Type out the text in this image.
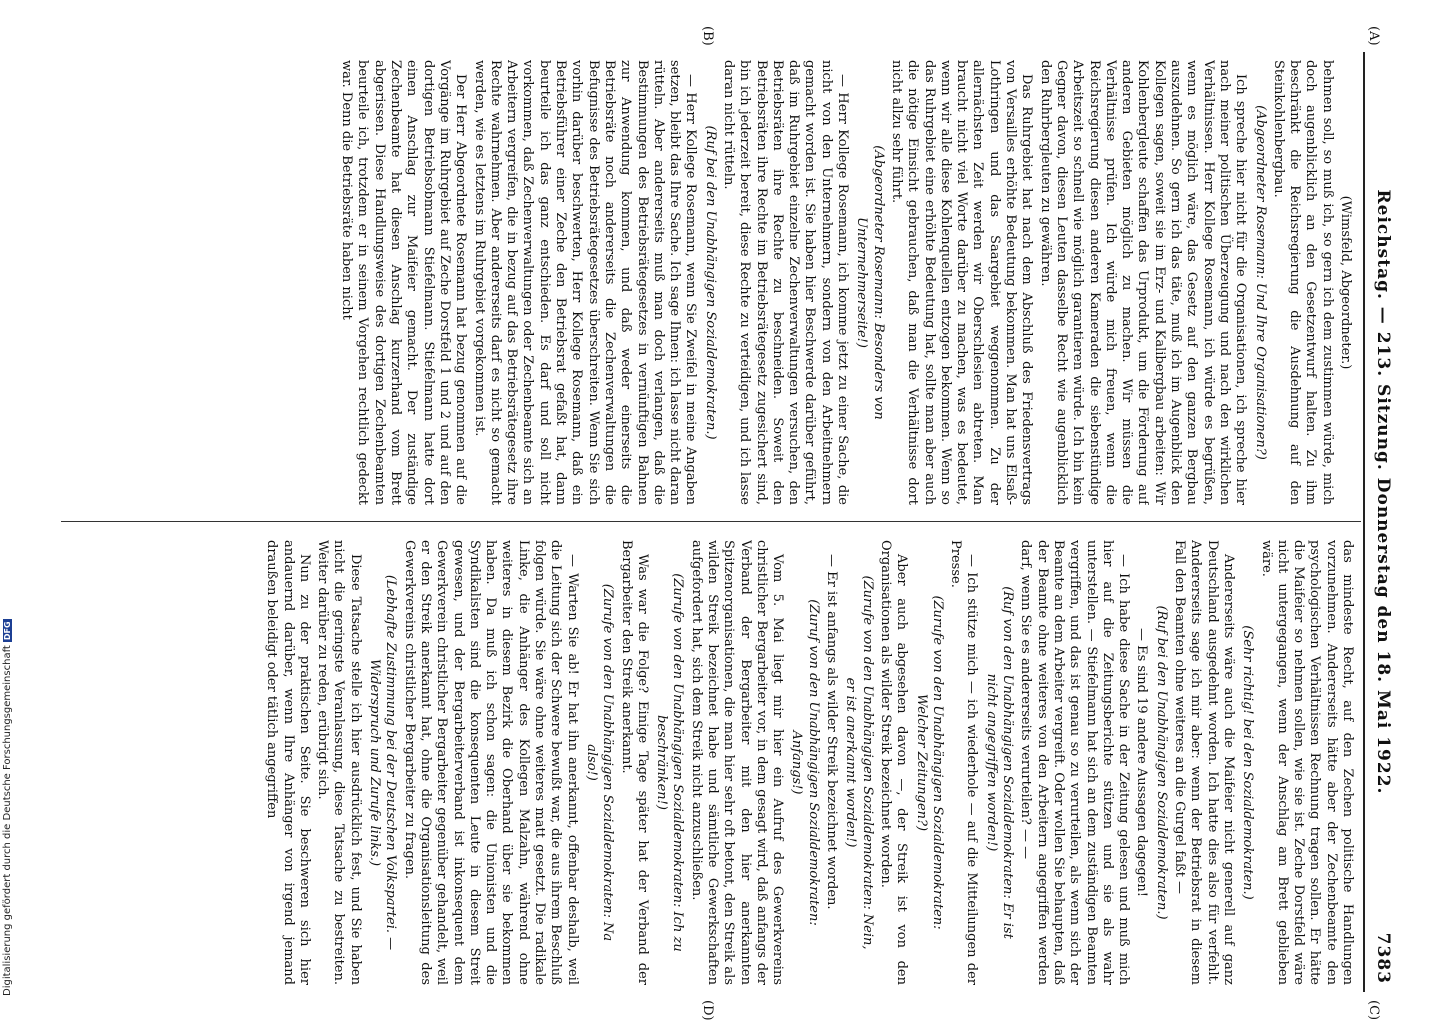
Digitalisierung gefördert durch die Deutsche ForschungsgemeinschaftDFG	Reichstag. — 213. Sitzung. Donnerstag den 18. Mai 1922.
7383
(A)
(B)
(C)
(D)

(Wimsfeld, Abgeordneter.)

behmen soll, so muß ich, so gern ich dem zustimmen würde, mich doch augenblicklich an den Gesetzentwurf halten. Zu ihm beschränkt die Reichsregierung die Ausdehnung auf den Steinkohlenbergbau.

(Abgeordneter Rosemann: Und Ihre Organisationen?)

Ich spreche hier nicht für die Organisationen, ich spreche hier nach meiner politischen Überzeugung und nach den wirklichen Verhältnissen. Herr Kollege Rosemann, ich würde es begrüßen, wenn es möglich wäre, das Gesetz auf den ganzen Bergbau auszudehnen. So gern ich das täte, muß ich im Augenblick den Kollegen sagen, soweit sie im Erz- und Kalibergbau arbeiten: Wir Kohlenbergleute schaffen das Urprodukt, um die Förderung auf anderen Gebieten möglich zu machen. Wir müssen die Verhältnisse prüfen. Ich würde mich freuen, wenn die Reichsregierung diesen anderen Kameraden die siebenstündige Arbeitszeit so schnell wie möglich garantieren würde. Ich bin kein Gegner davon, diesen Leuten dasselbe Recht wie augenblicklich den Ruhrbergleuten zu gewähren.

Das Ruhrgebiet hat nach dem Abschluß des Friedensvertrags von Versailles erhöhte Bedeutung bekommen. Man hat uns Elsaß-Lothringen und das Saargebiet weggenommen. Zu der allernächsten Zeit werden wir Oberschlesien abtreten. Man braucht nicht viel Worte darüber zu machen, was es bedeutet, wenn wir alle diese Kohlenquellen entzogen bekommen. Wenn so das Ruhrgebiet eine erhöhte Bedeutung hat, sollte man aber auch die nötige Einsicht gebrauchen, daß man die Verhältnisse dort nicht allzu sehr führt.

(Abgeordneter Rosemann: Besonders von Unternehmerseite!)

— Herr Kollege Rosemann, ich komme jetzt zu einer Sache, die nicht von den Unternehmern, sondern von den Arbeitnehmern gemacht worden ist. Sie haben hier Beschwerde darüber geführt, daß im Ruhrgebiet einzelne Zechenverwaltungen versuchen, den Betriebsräten ihre Rechte zu beschneiden. Soweit den Betriebsräten ihre Rechte im Betriebsrätegesetz zugesichert sind, bin ich jederzeit bereit, diese Rechte zu verteidigen, und ich lasse daran nicht rütteln.

(Ruf bei den Unabhängigen Sozialdemokraten.)

— Herr Kollege Rosemann, wenn Sie Zweifel in meine Angaben setzen, bleibt das Ihre Sache. Ich sage Ihnen: ich lasse nicht daran rütteln. Aber andererseits muß man doch verlangen, daß die Bestimmungen des Betriebsrätegesetzes in vernünftigen Bahnen zur Anwendung kommen, und daß weder einerseits die Betriebsräte noch andererseits die Zechenverwaltungen die Befugnisse des Betriebsrätegesetzes überschreiten. Wenn Sie sich vorhin darüber beschwerten, Herr Kollege Rosemann, daß ein Betriebsführer einer Zeche den Betriebsrat gefaßt hat, dann beurteile ich das ganz entschieden. Es darf und soll nicht vorkommen, daß Zechenverwaltungen oder Zechenbeamte sich an Arbeitern vergreifen, die in bezug auf das Betriebsrätegesetz ihre Rechte wahrnehmen. Aber andererseits darf es nicht so gemacht werden, wie es letztens im Ruhrgebiet vorgekommen ist.

Der Herr Abgeordnete Rosemann hat bezug genommen auf die Vorgänge im Ruhrgebiet auf Zeche Dorstfeld 1 und 2 und auf den dortigen Betriebsobmann Stiefelmann. Stiefelmann hatte dort einen Anschlag zur Maifeier gemacht. Der zuständige Zechenbeamte hat diesen Anschlag kurzerhand vom Brett abgerissen. Diese Handlungsweise des dortigen Zechenbeamten beurteile ich, trotzdem er in seinem Vorgehen rechtlich gedeckt war. Denn die Betriebsräte haben nicht

das mindeste Recht, auf den Zechen politische Handlungen vorzunehmen. Andererseits hätte aber der Zechenbeamte den psychologischen Verhältnissen Rechnung tragen sollen. Er hätte die Maifeier so nehmen sollen, wie sie ist. Zeche Dorstfeld wäre nicht untergegangen, wenn der Anschlag am Brett geblieben wäre.

(Sehr richtig! bei den Sozialdemokraten.)

Andererseits wäre auch die Maifeier nicht generell auf ganz Deutschland ausgedehnt worden. Ich hatte dies also für verfehlt. Andererseits sage ich mir aber: wenn der Betriebsrat in diesem Fall den Beamten ohne weiteres an die Gurgel faßt —

(Ruf bei den Unabhängigen Sozialdemokraten.)

— Es sind 19 andere Aussagen dagegen!

— Ich habe diese Sache in der Zeitung gelesen und muß mich hier auf die Zeitungsberichte stützen und sie als wahr unterstellen. — Stiefelmann hat sich an dem zuständigen Beamten vergriffen, und das ist genau so zu verurteilen, als wenn sich der Beamte an dem Arbeiter vergreift. Oder wollen Sie behaupten, daß der Beamte ohne weiteres von den Arbeitern angegriffen werden darf, wenn Sie es andererseits verurteilen? — —

(Ruf von den Unabhängigen Sozialdemokraten: Er ist nicht angegriffen worden!)

— Ich stütze mich — ich wiederhole — auf die Mitteilungen der Presse.

(Zurufe von den Unabhängigen Sozialdemokraten: Welcher Zeitungen?)

Aber auch abgesehen davon —, der Streik ist von den Organisationen als wilder Streik bezeichnet worden.

(Zurufe von den Unabhängigen Sozialdemokraten: Nein, er ist anerkannt worden!)

— Er ist anfangs als wilder Streik bezeichnet worden.

(Zuruf von den Unabhängigen Sozialdemokraten: Anfangs!)

Vom 5. Mai liegt mir hier ein Aufruf des Gewerkvereins christlicher Bergarbeiter vor, in dem gesagt wird, daß anfangs der Verband der Bergarbeiter mit den hier anerkannten Spitzenorganisationen, die man hier sehr oft betont, den Streik als wilden Streik bezeichnet habe und sämtliche Gewerkschaften aufgefordert hat, sich dem Streik nicht anzuschließen.

(Zurufe von den Unabhängigen Sozialdemokraten: Ich zu beschränken!)

Was war die Folge? Einige Tage später hat der Verband der Bergarbeiter den Streik anerkannt.

(Zurufe von den Unabhängigen Sozialdemokraten: Na also!)

— Warten Sie ab! Er hat ihn anerkannt, offenbar deshalb, weil die Leitung sich der Schwere bewußt war, die aus ihrem Beschluß folgen würde. Sie wäre ohne weiteres matt gesetzt. Die radikale Linke, die Anhänger des Kollegen Malzahn, während ohne weiteres in diesem Bezirk die Oberhand über sie bekommen haben. Da muß ich schon sagen: die Unionisten und die Syndikalisten sind die konsequenten Leute in diesem Streit gewesen, und der Bergarbeiterverband ist inkonsequent dem Gewerkverein christlicher Bergarbeiter gegenüber gehandelt, weil er den Streik anerkannt hat, ohne die Organisationsleitung des Gewerkvereins christlicher Bergarbeiter zu fragen.

(Lebhafte Zustimmung bei der Deutschen Volkspartei. — Widerspruch und Zurufe links.)

Diese Tatsache stelle ich hier ausdrücklich fest, und Sie haben nicht die geringste Veranlassung, diese Tatsache zu bestreiten. Weiter darüber zu reden, erübrigt sich.

Nun zu der praktischen Seite. Sie beschweren sich hier andauernd darüber, wenn Ihre Anhänger von irgend jemand draußen beleidigt oder tätlich angegriffen
